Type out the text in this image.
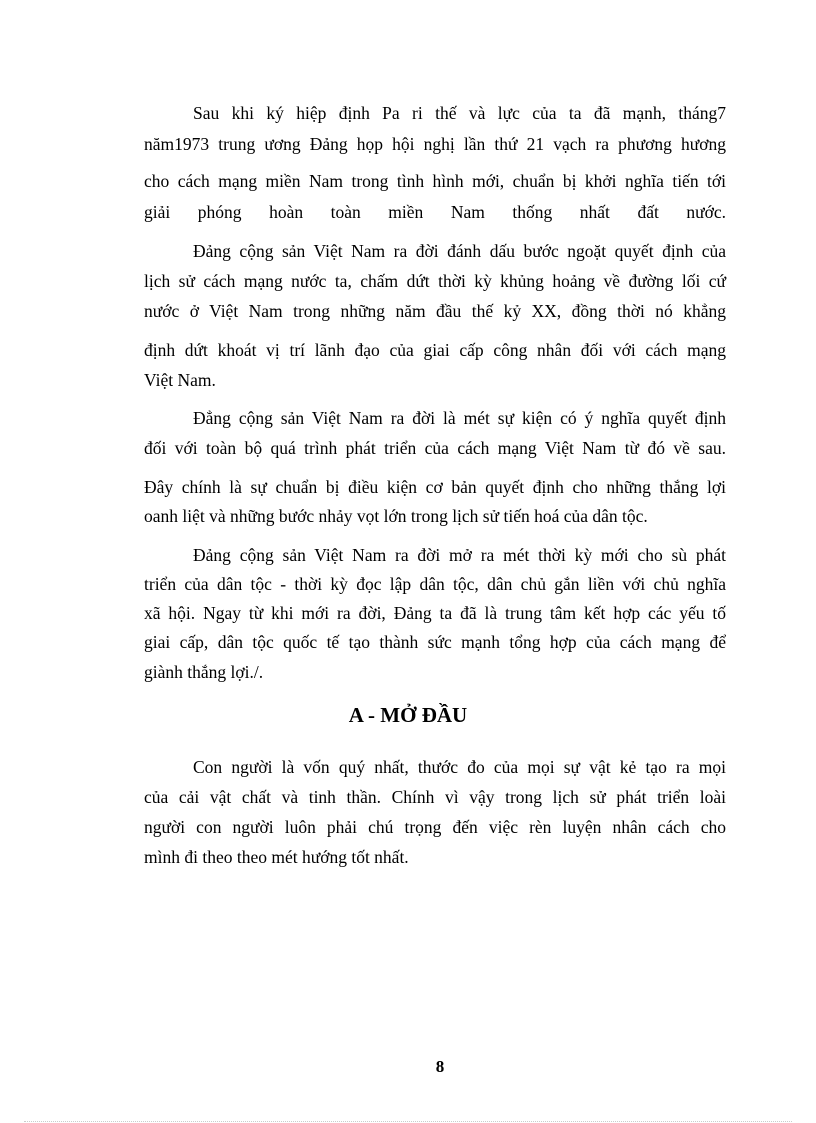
Sau khi ký hiệp định Pa ri thế và lực của ta đã mạnh, tháng7
năm1973 trung ương Đảng họp hội nghị lần thứ 21 vạch ra phương hương
cho cách mạng miền Nam trong tình hình mới, chuẩn bị khởi nghĩa tiến tới
giải phóng hoàn toàn miền Nam thống nhất đất nước.
Đảng cộng sản Việt Nam ra đời đánh dấu bước ngoặt quyết định của
lịch sử cách mạng nước ta, chấm dứt thời kỳ khủng hoảng về đường lối cứ
nước ở Việt Nam trong những năm đầu thế kỷ XX, đồng thời nó khẳng
định dứt khoát vị trí lãnh đạo của giai cấp công nhân đối với cách mạng
Việt Nam.
Đẳng cộng sản Việt Nam ra đời là mét sự kiện có ý nghĩa quyết định
đối với toàn bộ quá trình phát triển của cách mạng Việt Nam từ đó về sau.
Đây chính là sự chuẩn bị điều kiện cơ bản quyết định cho những thắng lợi
oanh liệt và những bước nhảy vọt lớn trong lịch sử tiến hoá của dân tộc.
Đảng cộng sản Việt Nam ra đời mở ra mét thời kỳ mới cho sù phát
triển của dân tộc - thời kỳ đọc lập dân tộc, dân chủ gắn liền với chủ nghĩa
xã hội. Ngay từ khi mới ra đời, Đảng ta đã là trung tâm kết hợp các yếu tố
giai cấp, dân tộc quốc tế tạo thành sức mạnh tổng hợp của cách mạng để
giành thắng lợi./.
A - MỞ ĐẦU
Con người là vốn quý nhất, thước đo của mọi sự vật kẻ tạo ra mọi
của cải vật chất và tinh thần. Chính vì vậy trong lịch sử phát triển loài
người con người luôn phải chú trọng đến việc rèn luyện nhân cách cho
mình đi theo theo mét hướng tốt nhất.
8
